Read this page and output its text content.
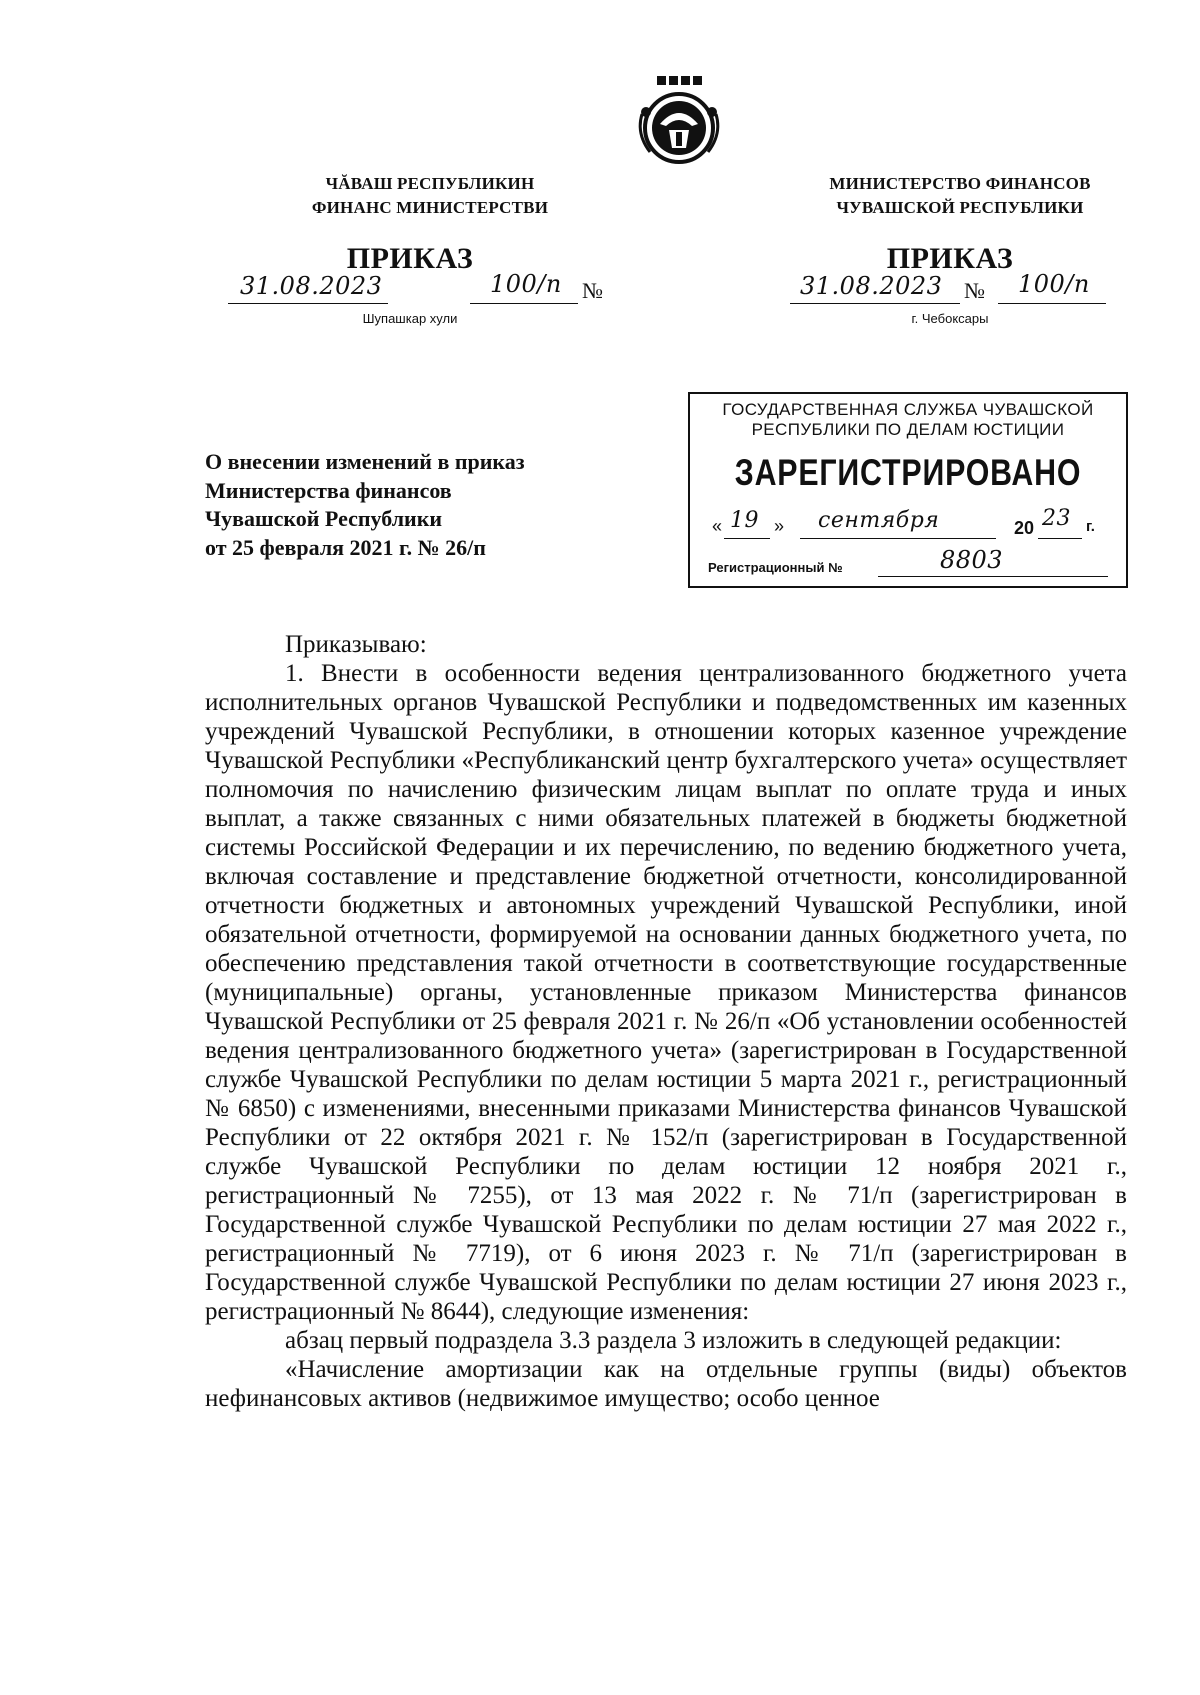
ЧĂВАШ РЕСПУБЛИКИН
ФИНАНС МИНИСТЕРСТВИ
МИНИСТЕРСТВО ФИНАНСОВ
ЧУВАШСКОЙ РЕСПУБЛИКИ
ПРИКАЗ	ПРИКАЗ
31.08.2023	100/п №
Шупашкар хули
31.08.2023 № 100/п
г. Чебоксары
ГОСУДАРСТВЕННАЯ СЛУЖБА ЧУВАШСКОЙ
РЕСПУБЛИКИ ПО ДЕЛАМ ЮСТИЦИИ
ЗАРЕГИСТРИРОВАНО
« 19 » сентября	20 23 г.
Регистрационный №	8803
О внесении изменений в приказ
Министерства финансов
Чувашской Республики
от 25 февраля 2021 г. № 26/п

Приказываю:

1. Внести в особенности ведения централизованного бюджетного учета исполнительных органов Чувашской Республики и подведомственных им казенных учреждений Чувашской Республики, в отношении которых казенное учреждение Чувашской Республики «Республиканский центр бухгалтерского учета» осуществляет полномочия по начислению физическим лицам выплат по оплате труда и иных выплат, а также связанных с ними обязательных платежей в бюджеты бюджетной системы Российской Федерации и их перечислению, по ведению бюджетного учета, включая составление и представление бюджетной отчетности, консолидированной отчетности бюджетных и автономных учреждений Чувашской Республики, иной обязательной отчетности, формируемой на основании данных бюджетного учета, по обеспечению представления такой отчетности в соответствующие государственные (муниципальные) органы, установленные приказом Министерства финансов Чувашской Республики от 25 февраля 2021 г. № 26/п «Об установлении особенностей ведения централизованного бюджетного учета» (зарегистрирован в Государственной службе Чувашской Республики по делам юстиции 5 марта 2021 г., регистрационный № 6850) с изменениями, внесенными приказами Министерства финансов Чувашской Республики от 22 октября 2021 г. № 152/п (зарегистрирован в Государственной службе Чувашской Республики по делам юстиции 12 ноября 2021 г., регистрационный № 7255), от 13 мая 2022 г. № 71/п (зарегистрирован в Государственной службе Чувашской Республики по делам юстиции 27 мая 2022 г., регистрационный № 7719), от 6 июня 2023 г. № 71/п (зарегистрирован в Государственной службе Чувашской Республики по делам юстиции 27 июня 2023 г., регистрационный № 8644), следующие изменения:

абзац первый подраздела 3.3 раздела 3 изложить в следующей редакции:

«Начисление амортизации как на отдельные группы (виды) объектов нефинансовых активов (недвижимое имущество; особо ценное
